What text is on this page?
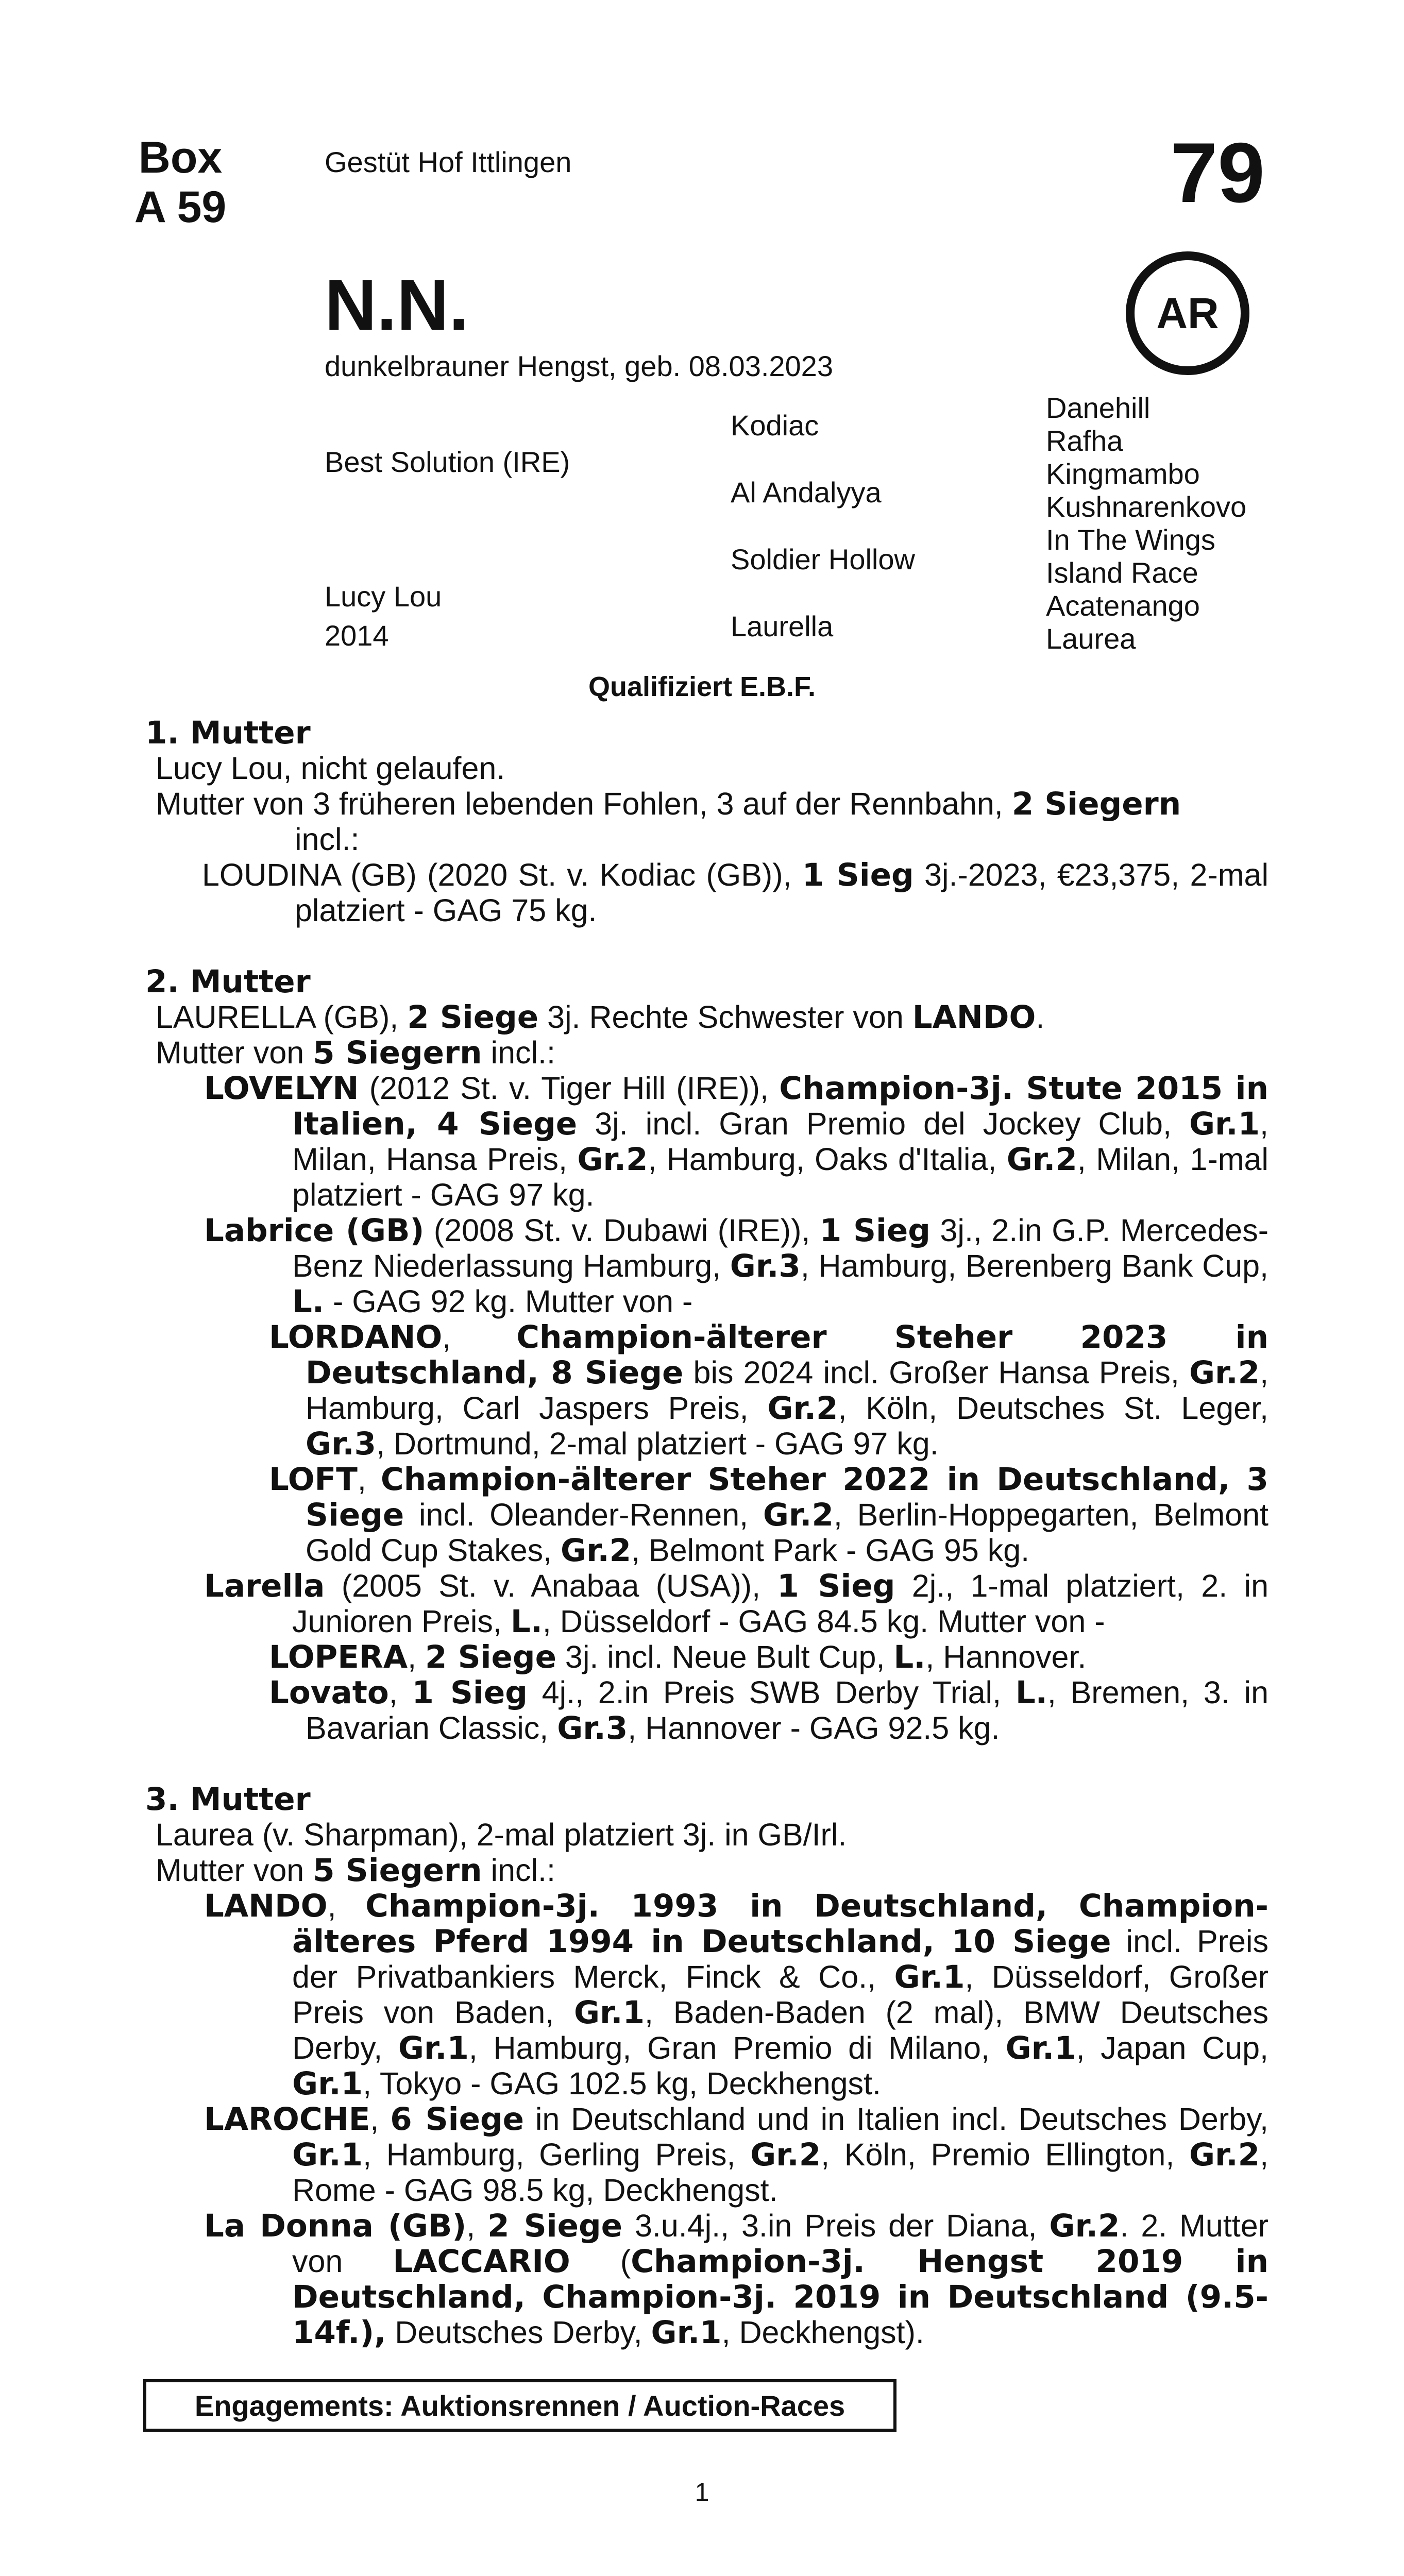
Box
A 59
Gestüt Hof Ittlingen	79
AR
N.N.
dunkelbrauner Hengst, geb. 08.03.2023
Best Solution (IRE)
Lucy Lou
2014
Kodiac
Al Andalyya
Soldier Hollow
Laurella
Danehill
Rafha
Kingmambo
Kushnarenkovo
In The Wings
Island Race
Acatenango
Laurea
Qualifiziert E.B.F.

1. Mutter

Lucy Lou, nicht gelaufen.

Mutter von 3 früheren lebenden Fohlen, 3 auf der Rennbahn, 2 Siegern
incl.:

LOUDINA (GB) (2020 St. v. Kodiac (GB)), 1 Sieg 3j.-2023, €23,375, 2-mal platziert - GAG 75 kg.

2. Mutter

LAURELLA (GB), 2 Siege 3j. Rechte Schwester von LANDO.

Mutter von 5 Siegern incl.:

LOVELYN (2012 St. v. Tiger Hill (IRE)), Champion-3j. Stute 2015 in Italien, 4 Siege 3j. incl. Gran Premio del Jockey Club, Gr.1, Milan, Hansa Preis, Gr.2, Hamburg, Oaks d'Italia, Gr.2, Milan, 1-mal platziert - GAG 97 kg.

Labrice (GB) (2008 St. v. Dubawi (IRE)), 1 Sieg 3j., 2.in G.P. Mercedes-Benz Niederlassung Hamburg, Gr.3, Hamburg, Berenberg Bank Cup, L. - GAG 92 kg. Mutter von -

LORDANO, Champion-älterer Steher 2023 in Deutschland, 8 Siege bis 2024 incl. Großer Hansa Preis, Gr.2, Hamburg, Carl Jaspers Preis, Gr.2, Köln, Deutsches St. Leger, Gr.3, Dortmund, 2-mal platziert - GAG 97 kg.

LOFT, Champion-älterer Steher 2022 in Deutschland, 3 Siege incl. Oleander-Rennen, Gr.2, Berlin-Hoppegarten, Belmont Gold Cup Stakes, Gr.2, Belmont Park - GAG 95 kg.

Larella (2005 St. v. Anabaa (USA)), 1 Sieg 2j., 1-mal platziert, 2. in Junioren Preis, L., Düsseldorf - GAG 84.5 kg. Mutter von -

LOPERA, 2 Siege 3j. incl. Neue Bult Cup, L., Hannover.

Lovato, 1 Sieg 4j., 2.in Preis SWB Derby Trial, L., Bremen, 3. in Bavarian Classic, Gr.3, Hannover - GAG 92.5 kg.

3. Mutter

Laurea (v. Sharpman), 2-mal platziert 3j. in GB/Irl.

Mutter von 5 Siegern incl.:

LANDO, Champion-3j. 1993 in Deutschland, Champion-älteres Pferd 1994 in Deutschland, 10 Siege incl. Preis der Privatbankiers Merck, Finck & Co., Gr.1, Düsseldorf, Großer Preis von Baden, Gr.1, Baden-Baden (2 mal), BMW Deutsches Derby, Gr.1, Hamburg, Gran Premio di Milano, Gr.1, Japan Cup, Gr.1, Tokyo - GAG 102.5 kg, Deckhengst.

LAROCHE, 6 Siege in Deutschland und in Italien incl. Deutsches Derby, Gr.1, Hamburg, Gerling Preis, Gr.2, Köln, Premio Ellington, Gr.2, Rome - GAG 98.5 kg, Deckhengst.

La Donna (GB), 2 Siege 3.u.4j., 3.in Preis der Diana, Gr.2. 2. Mutter von LACCARIO (Champion-3j. Hengst 2019 in Deutschland, Champion-3j. 2019 in Deutschland (9.5-14f.), Deutsches Derby, Gr.1, Deckhengst).

Engagements: Auktionsrennen / Auction-Races
1
